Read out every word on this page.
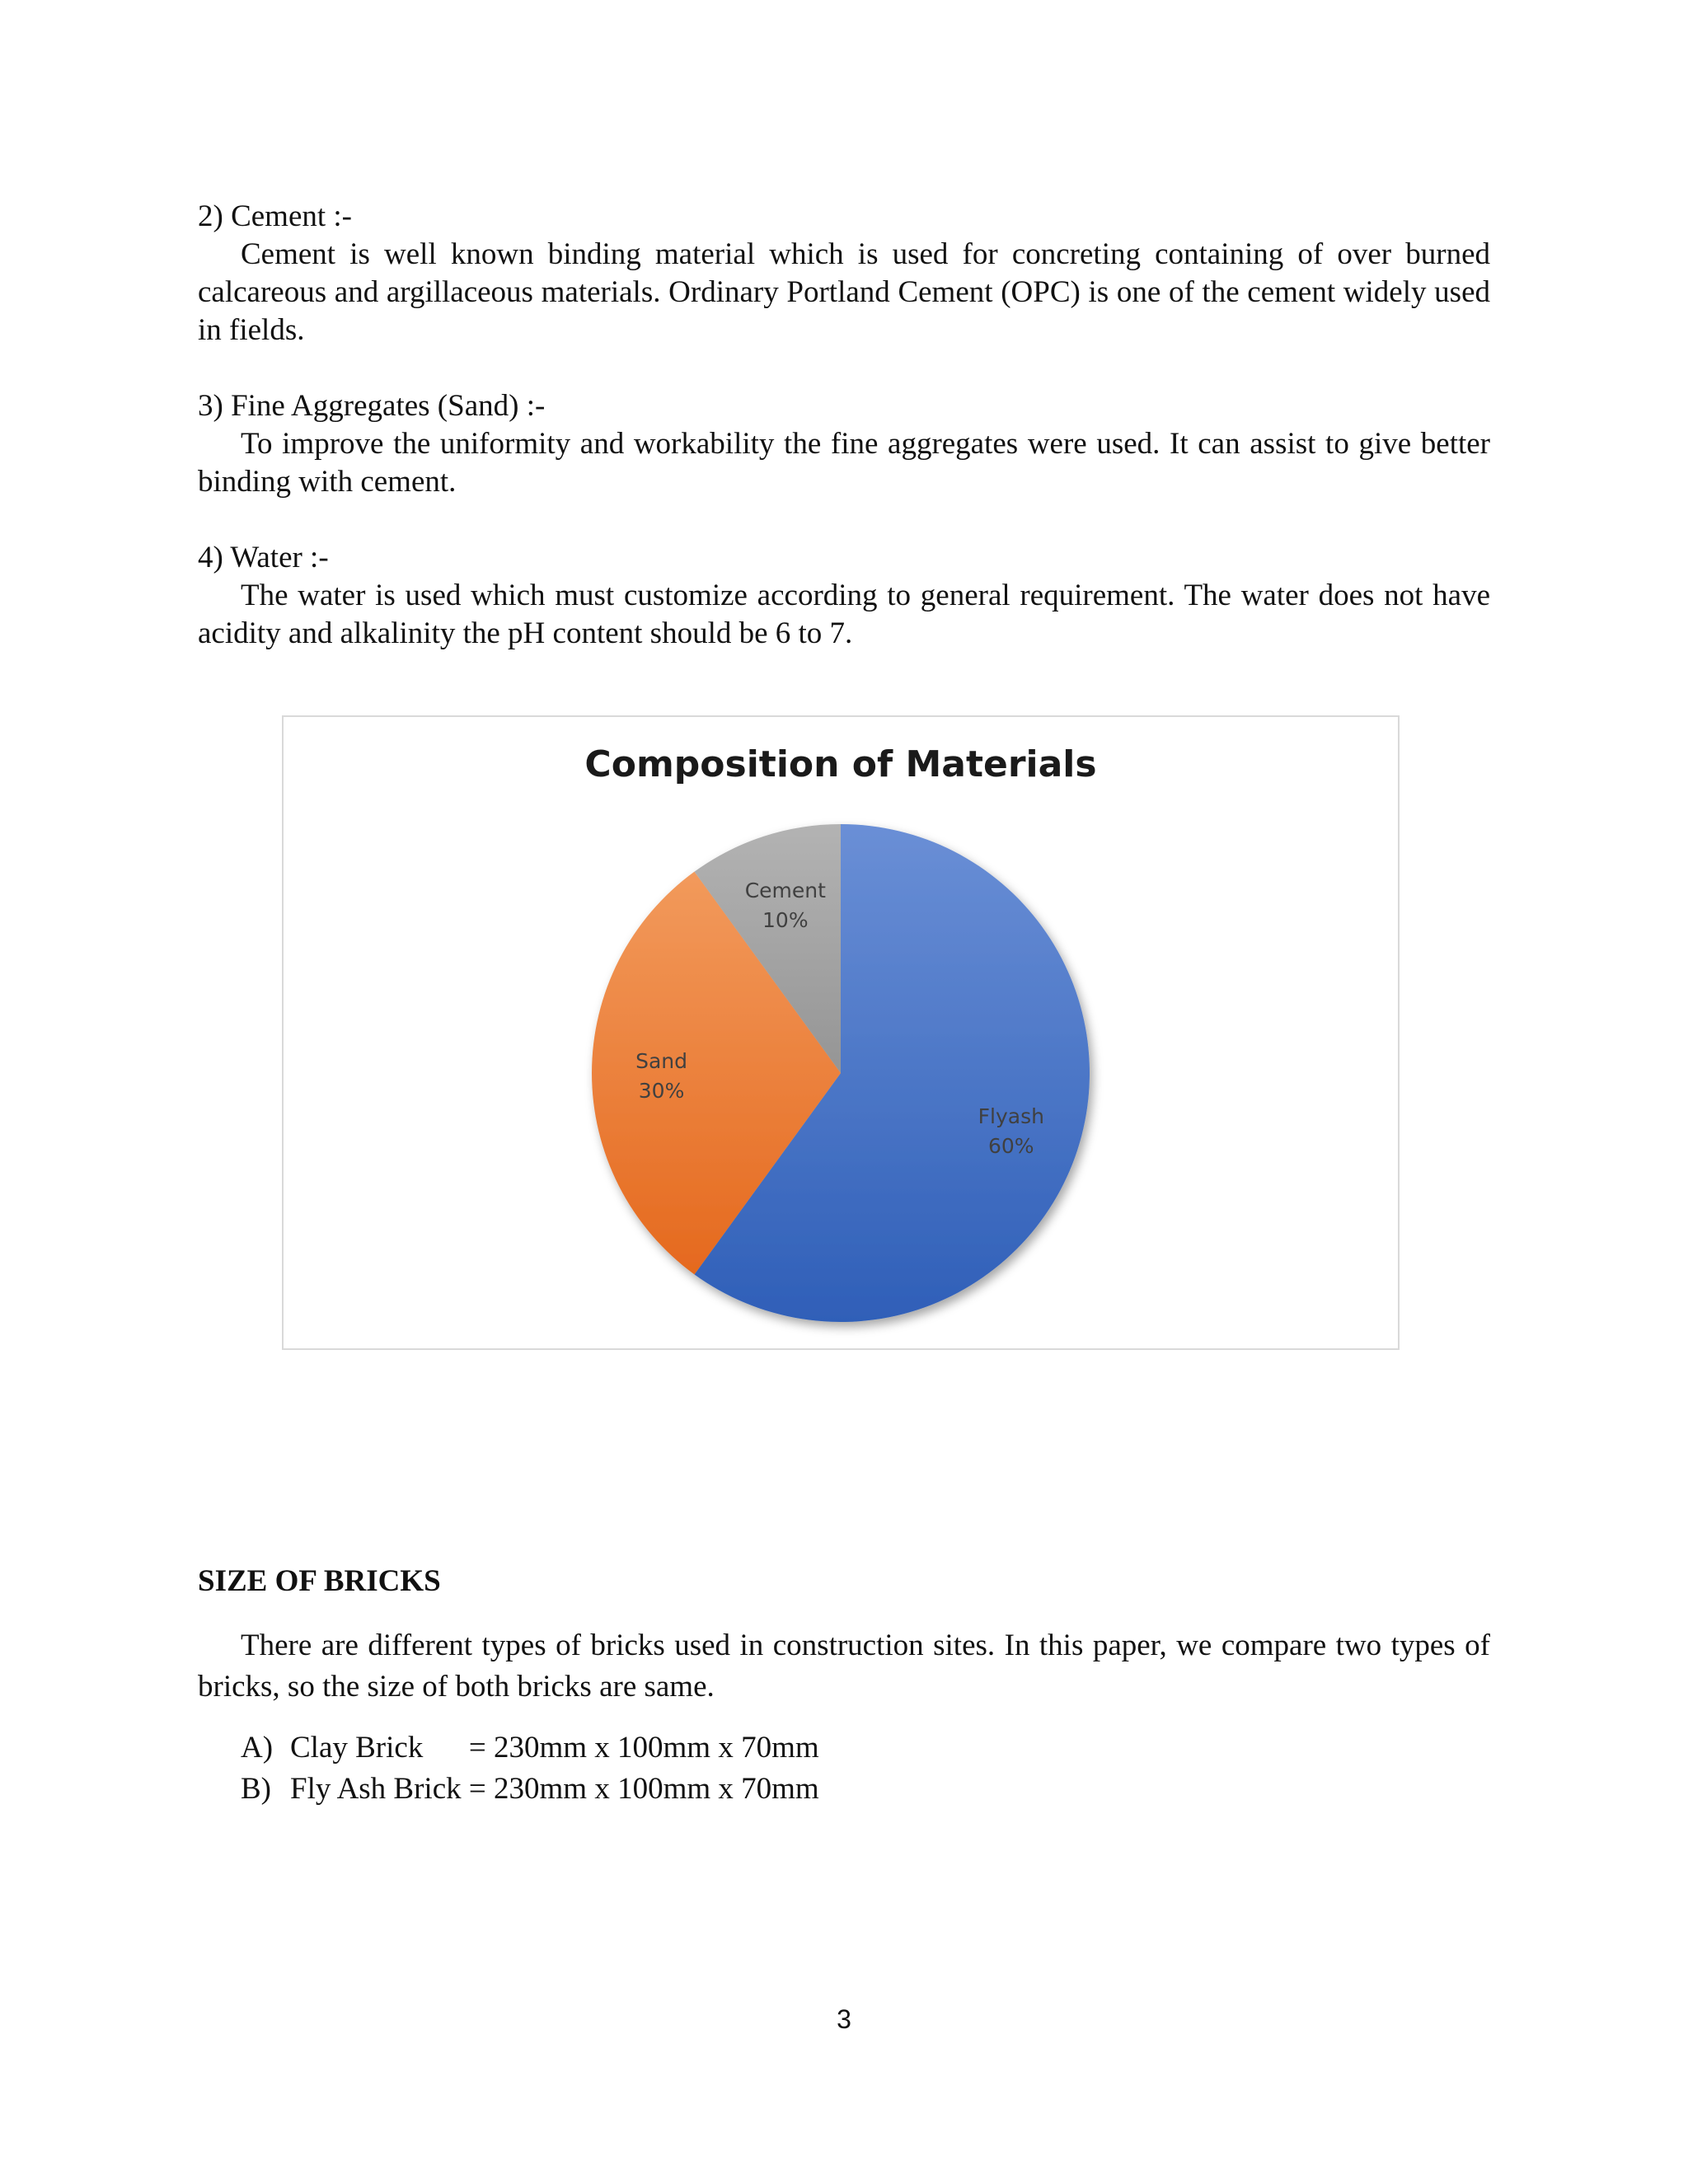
2) Cement :-

Cement is well known binding material which is used for concreting containing of over burned calcareous and argillaceous materials. Ordinary Portland Cement (OPC) is one of the cement widely used in fields.

3) Fine Aggregates (Sand) :-

To improve the uniformity and workability the fine aggregates were used. It can assist to give better binding with cement.

4) Water :-

The water is used which must customize according to general requirement. The water does not have acidity and alkalinity the pH content should be 6 to 7.

Composition of Materials
Flyash
60%
Sand
30%
Cement
10%

SIZE OF BRICKS

There are different types of bricks used in construction sites. In this paper, we compare two types of bricks, so the size of both bricks are same.

A) Clay Brick      = 230mm x 100mm x 70mm
B) Fly Ash Brick = 230mm x 100mm x 70mm
3
